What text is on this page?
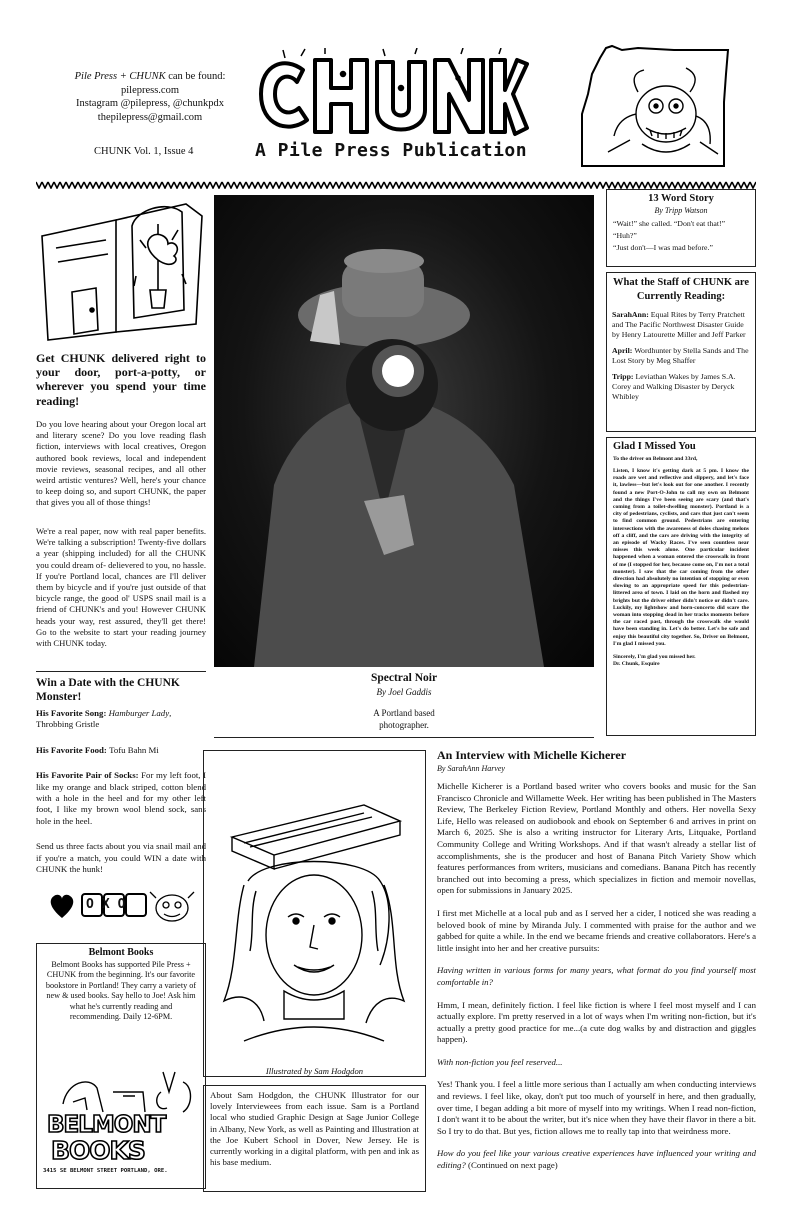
Pile Press + CHUNK can be found:
pilepress.com
Instagram @pilepress, @chunkpdx
thepilepress@gmail.com
CHUNK Vol. 1, Issue 4	A Pile Press Publication
Get CHUNK delivered right to your door, port-a-potty, or wherever you spend your time reading!
Do you love hearing about your Oregon local art and literary scene? Do you love reading flash fiction, interviews with local creatives, Oregon authored book reviews, local and independent movie reviews, seasonal recipes, and all other weird artistic ventures? Well, here's your chance to keep doing so, and suport CHUNK, the paper that gives you all of those things!
We're a real paper, now with real paper benefits. We're talking a subscription! Twenty-five dollars a year (shipping included) for all the CHUNK you could dream of- delievered to you, no hassle. If you're Portland local, chances are I'll deliver them by bicycle and if you're just outside of that bicycle range, the good ol' USPS snail mail is a friend of CHUNK's and you! However CHUNK heads your way, rest assured, they'll get there! Go to the website to start your reading journey with CHUNK today.
Win a Date with the CHUNK Monster!

His Favorite Song: Hamburger Lady, Throbbing Gristle

His Favorite Food: Tofu Bahn Mi

His Favorite Pair of Socks: For my left foot, I like my orange and black striped, cotton blend with a hole in the heel and for my other left foot, I like my brown wool blend sock, sans hole in the heel.

Send us three facts about you via snail mail and if you're a match, you could WIN a date with CHUNK the hunk!

OXO
Belmont Books
Belmont Books has supported Pile Press + CHUNK from the beginning. It's our favorite bookstore in Portland! They carry a variety of new & used books. Say hello to Joe! Ask him what he's currently reading and recommending. Daily 12-6PM.
BELMONT
BOOKS
3415 SE BELMONT STREET PORTLAND, ORE.
Spectral Noir
By Joel Gaddis
A Portland based photographer.
13 Word Story
By Tripp Watson
“Wait!” she called. “Don't eat that!”
“Huh?”
“Just don't—I was mad before.”
What the Staff of CHUNK are Currently Reading:

SarahAnn: Equal Rites by Terry Pratchett and The Pacific Northwest Disaster Guide by Henry Latourette Miller and Jeff Parker

April: Wordhunter by Stella Sands and The Lost Story by Meg Shaffer

Tripp: Leviathan Wakes by James S.A. Corey and Walking Disaster by Deryck Whibley

Glad I Missed You
To the driver on Belmont and 33rd,
Listen, I know it's getting dark at 5 pm. I know the roads are wet and reflective and slippery, and let's face it, lawless—but let's look out for one another. I recently found a new Port-O-John to call my own on Belmont and the things I've been seeing are scary (and that's coming from a toilet-dwelling monster). Portland is a city of pedestrians, cyclists, and cars that just can't seem to find common ground. Pedestrians are entering intersections with the awareness of doles chasing melons off a cliff, and the cars are driving with the integrity of an episode of Wacky Races. I've seen countless near misses this week alone. One particular incident happened when a woman entered the crosswalk in front of me (I stopped for her, because come on, I'm not a total monster). I saw that the car coming from the other direction had absolutely no intention of stopping or even slowing to an appropriate speed for this pedestrian-littered area of town. I laid on the horn and flashed my brights but the driver either didn't notice or didn't care. Luckily, my lightshow and horn-concerto did scare the woman into stopping dead in her tracks moments before the car raced past, through the crosswalk she would have been standing in. Let's do better. Let's be safe and enjoy this beautiful city together. So, Driver on Belmont, I'm glad I missed you.
Sincerely, I'm glad you missed her.
Dr. Chunk, Esquire
Illustrated by Sam Hodgdon
About Sam Hodgdon, the CHUNK Illustrator for our lovely Interviewees from each issue. Sam is a Portland local who studied Graphic Design at Sage Junior College in Albany, New York, as well as Painting and Illustration at the Joe Kubert School in Dover, New Jersey. He is currently working in a digital platform, with pen and ink as his base medium.
An Interview with Michelle Kicherer
By SarahAnn Harvey

Michelle Kicherer is a Portland based writer who covers books and music for the San Francisco Chronicle and Willamette Week. Her writing has been published in The Masters Review, The Berkeley Fiction Review, Portland Monthly and others. Her novella Sexy Life, Hello was released on audiobook and ebook on September 6 and arrives in print on March 6, 2025. She is also a writing instructor for Literary Arts, Litquake, Portland Community College and Writing Workshops. And if that wasn't already a stellar list of accomplishments, she is the producer and host of Banana Pitch Variety Show which features performances from writers, musicians and comedians. Banana Pitch has recently branched out into becoming a press, which specializes in fiction and memoir novellas, open for submissions in January 2025.

I first met Michelle at a local pub and as I served her a cider, I noticed she was reading a beloved book of mine by Miranda July. I commented with praise for the author and we gabbed for quite a while. In the end we became friends and creative collaborators. Here's a little insight into her and her creative pursuits:

Having written in various forms for many years, what format do you find yourself most comfortable in?

Hmm, I mean, definitely fiction. I feel like fiction is where I feel most myself and I can actually explore. I'm pretty reserved in a lot of ways when I'm writing non-fiction, but it's actually a pretty good practice for me...(a cute dog walks by and distraction and giggles happen).

With non-fiction you feel reserved...

Yes! Thank you. I feel a little more serious than I actually am when conducting interviews and reviews. I feel like, okay, don't put too much of yourself in here, and then gradually, over time, I began adding a bit more of myself into my writings. When I read non-fiction, I don't want it to be about the writer, but it's nice when they have their flavor in there a bit. So I try to do that. But yes, fiction allows me to really tap into that weirdness more.

How do you feel like your various creative experiences have influenced your writing and editing? (Continued on next page)
